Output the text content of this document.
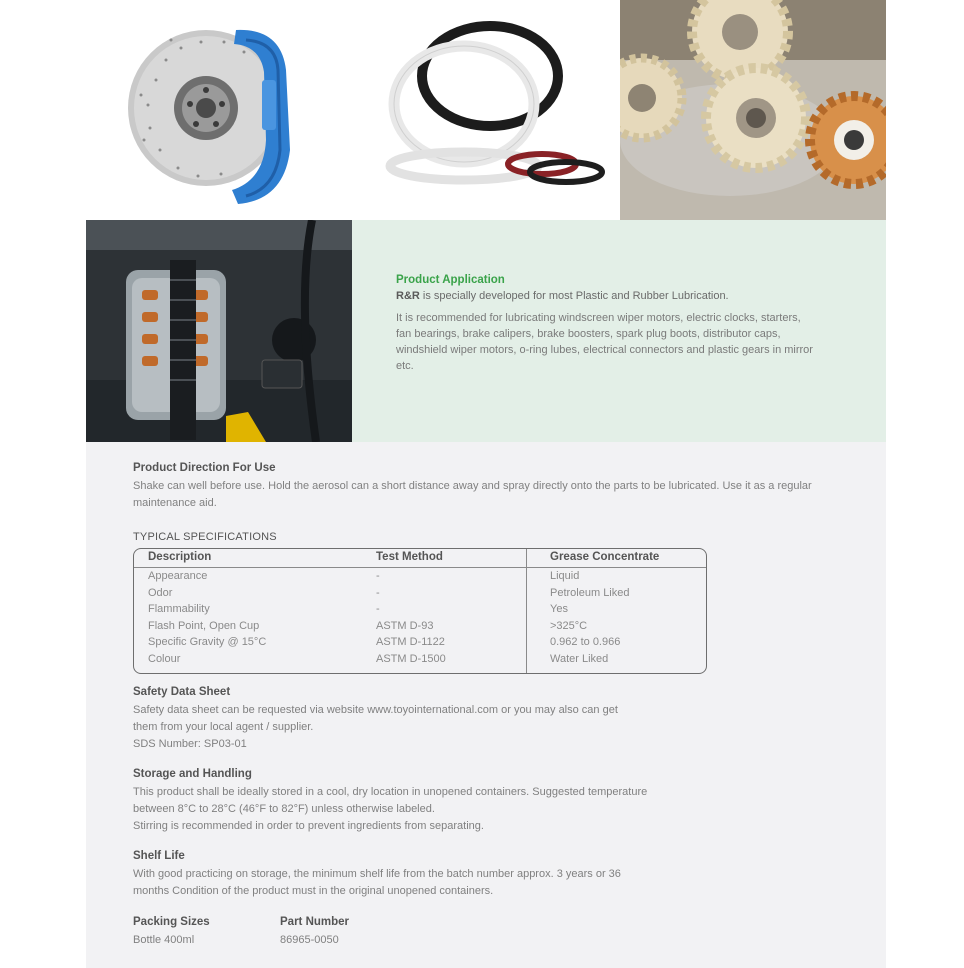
Product Application
R&R is specially developed for most Plastic and Rubber Lubrication.

It is recommended for lubricating windscreen wiper motors, electric clocks, starters, fan bearings, brake calipers, brake boosters, spark plug boots, distributor caps, windshield wiper motors, o-ring lubes, electrical connectors and plastic gears in mirror etc.

Product Direction For Use

Shake can well before use. Hold the aerosol can a short distance away and spray directly onto the parts to be lubricated. Use it as a regular maintenance aid.

TYPICAL SPECIFICATIONS
Description	Test Method	Grease Concentrate
Appearance	-	Liquid
Odor	-	Petroleum Liked
Flammability	-	Yes
Flash Point, Open Cup	ASTM D-93	>325°C
Specific Gravity @ 15°C	ASTM D-1122	0.962 to 0.966
Colour	ASTM D-1500	Water Liked
Safety Data Sheet

Safety data sheet can be requested via website www.toyointernational.com or you may also can get

them from your local agent / supplier.

SDS Number: SP03-01

Storage and Handling

This product shall be ideally stored in a cool, dry location in unopened containers. Suggested temperature

between 8°C to 28°C (46°F to 82°F) unless otherwise labeled.

Stirring is recommended in order to prevent ingredients from separating.

Shelf Life

With good practicing on storage, the minimum shelf life from the batch number approx. 3 years or 36

months Condition of the product must in the original unopened containers.

Packing Sizes

Bottle 400ml

Part Number

86965-0050
